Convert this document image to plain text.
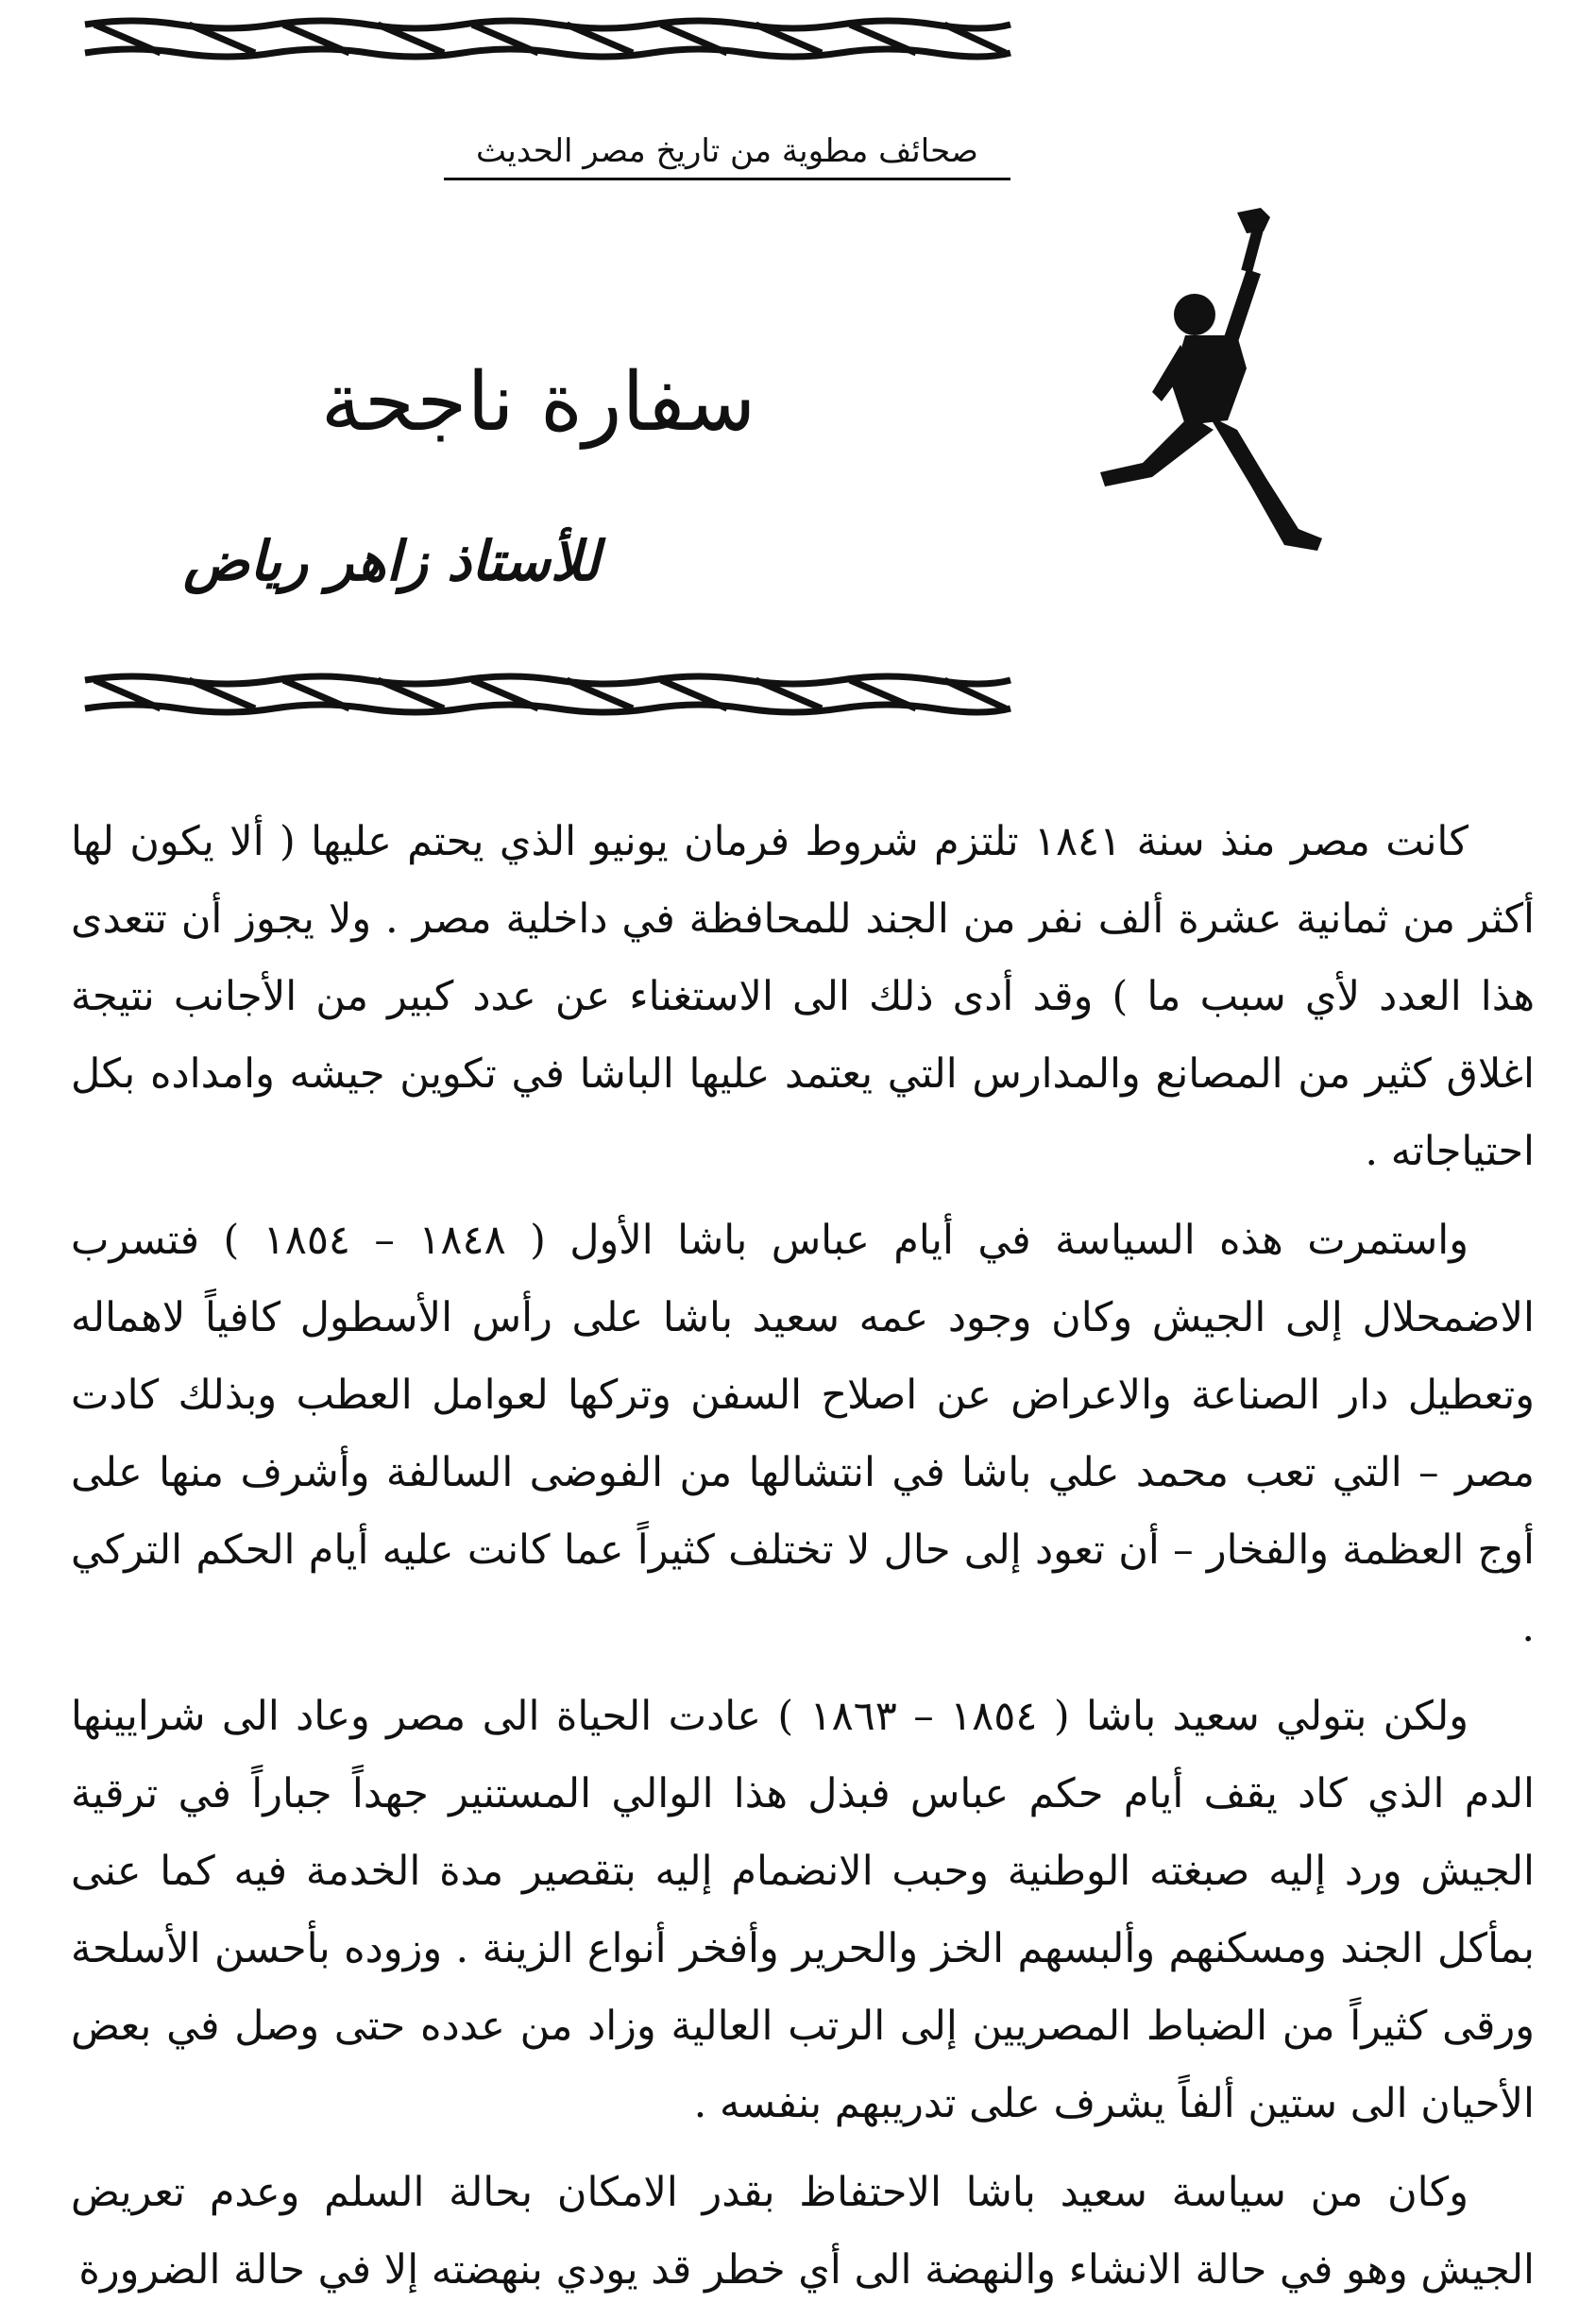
صحائف مطوية من تاريخ مصر الحديث
سفارة ناجحة
للأستاذ زاهر رياض

كانت مصر منذ سنة ١٨٤١ تلتزم شروط فرمان يونيو الذي يحتم عليها ( ألا يكون لها أكثر من ثمانية عشرة ألف نفر من الجند للمحافظة في داخلية مصر . ولا يجوز أن تتعدى هذا العدد لأي سبب ما ) وقد أدى ذلك الى الاستغناء عن عدد كبير من الأجانب نتيجة اغلاق كثير من المصانع والمدارس التي يعتمد عليها الباشا في تكوين جيشه وامداده بكل احتياجاته .

واستمرت هذه السياسة في أيام عباس باشا الأول ( ١٨٤٨ – ١٨٥٤ ) فتسرب الاضمحلال إلى الجيش وكان وجود عمه سعيد باشا على رأس الأسطول كافياً لاهماله وتعطيل دار الصناعة والاعراض عن اصلاح السفن وتركها لعوامل العطب وبذلك كادت مصر – التي تعب محمد علي باشا في انتشالها من الفوضى السالفة وأشرف منها على أوج العظمة والفخار – أن تعود إلى حال لا تختلف كثيراً عما كانت عليه أيام الحكم التركي .

ولكن بتولي سعيد باشا ( ١٨٥٤ – ١٨٦٣ ) عادت الحياة الى مصر وعاد الى شرايينها الدم الذي كاد يقف أيام حكم عباس فبذل هذا الوالي المستنير جهداً جباراً في ترقية الجيش ورد إليه صبغته الوطنية وحبب الانضمام إليه بتقصير مدة الخدمة فيه كما عنى بمأكل الجند ومسكنهم وألبسهم الخز والحرير وأفخر أنواع الزينة . وزوده بأحسن الأسلحة ورقى كثيراً من الضباط المصريين إلى الرتب العالية وزاد من عدده حتى وصل في بعض الأحيان الى ستين ألفاً يشرف على تدريبهم بنفسه .

وكان من سياسة سعيد باشا الاحتفاظ بقدر الامكان بحالة السلم وعدم تعريض الجيش وهو في حالة الانشاء والنهضة الى أي خطر قد يودي بنهضته إلا في حالة الضرورة
